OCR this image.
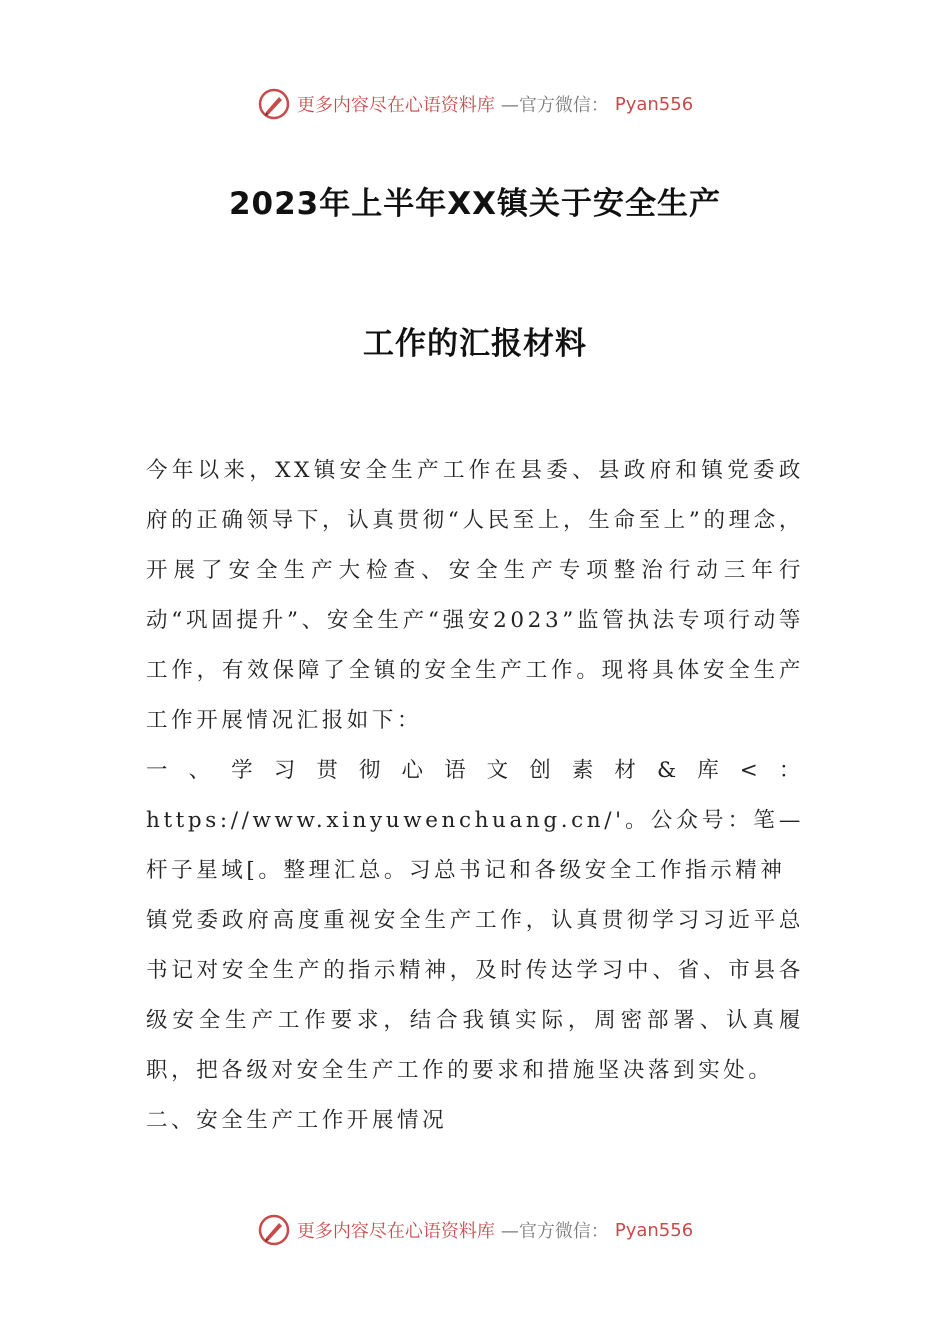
更多内容尽在心语资料库 —官方微信： Pyan556
2023年上半年XX镇关于安全生产
工作的汇报材料

今年以来，XX镇安全生产工作在县委、县政府和镇党委政府的正确领导下，认真贯彻“人民至上，生命至上”的理念，开展了安全生产大检查、安全生产专项整治行动三年行动“巩固提升”、安全生产“强安2023”监管执法专项行动等工作，有效保障了全镇的安全生产工作。现将具体安全生产工作开展情况汇报如下：

一、学习贯彻心语文创素材&库<：https://www.xinyuwenchuang.cn/'。公众号：笔—杆子星域[。整理汇总。习总书记和各级安全工作指示精神

镇党委政府高度重视安全生产工作，认真贯彻学习习近平总书记对安全生产的指示精神，及时传达学习中、省、市县各级安全生产工作要求，结合我镇实际，周密部署、认真履职，把各级对安全生产工作的要求和措施坚决落到实处。

二、安全生产工作开展情况

更多内容尽在心语资料库 —官方微信： Pyan556
